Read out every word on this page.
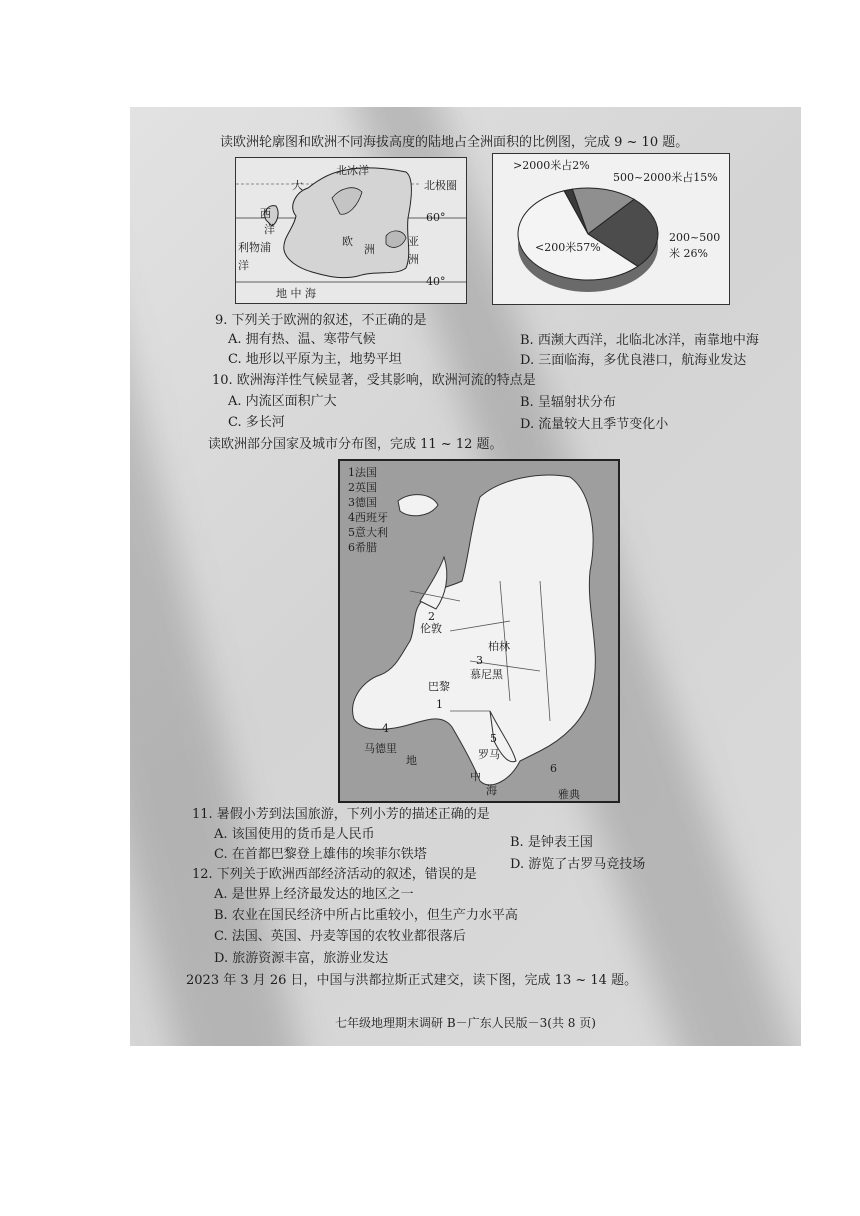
读欧洲轮廓图和欧洲不同海拔高度的陆地占全洲面积的比例图，完成 9 ~ 10 题。
北冰洋
北极圈
大
西
洋
利物浦
洋
欧
洲
亚
洲
60°
40°
地 中 海
>2000米占2%
500~2000米占15%
200~500米 26%
<200米57%
9. 下列关于欧洲的叙述，不正确的是
A. 拥有热、温、寒带气候	B. 西濒大西洋，北临北冰洋，南靠地中海
C. 地形以平原为主，地势平坦	D. 三面临海，多优良港口，航海业发达
10. 欧洲海洋性气候显著，受其影响，欧洲河流的特点是
A. 内流区面积广大	B. 呈辐射状分布
C. 多长河	D. 流量较大且季节变化小
读欧洲部分国家及城市分布图，完成 11 ~ 12 题。
1法国
2英国
3德国
4西班牙
5意大利
6希腊
2
伦敦
柏林
3
慕尼黑
巴黎
1
4
马德里
5
罗马
6
雅典
地
中
海
11. 暑假小芳到法国旅游，下列小芳的描述正确的是
A. 该国使用的货币是人民币
B. 是钟表王国
C. 在首都巴黎登上雄伟的埃菲尔铁塔
D. 游览了古罗马竞技场
12. 下列关于欧洲西部经济活动的叙述，错误的是
A. 是世界上经济最发达的地区之一
B. 农业在国民经济中所占比重较小，但生产力水平高
C. 法国、英国、丹麦等国的农牧业都很落后
D. 旅游资源丰富，旅游业发达
2023 年 3 月 26 日，中国与洪都拉斯正式建交，读下图，完成 13 ~ 14 题。
七年级地理期末调研 B－广东人民版－3(共 8 页)
